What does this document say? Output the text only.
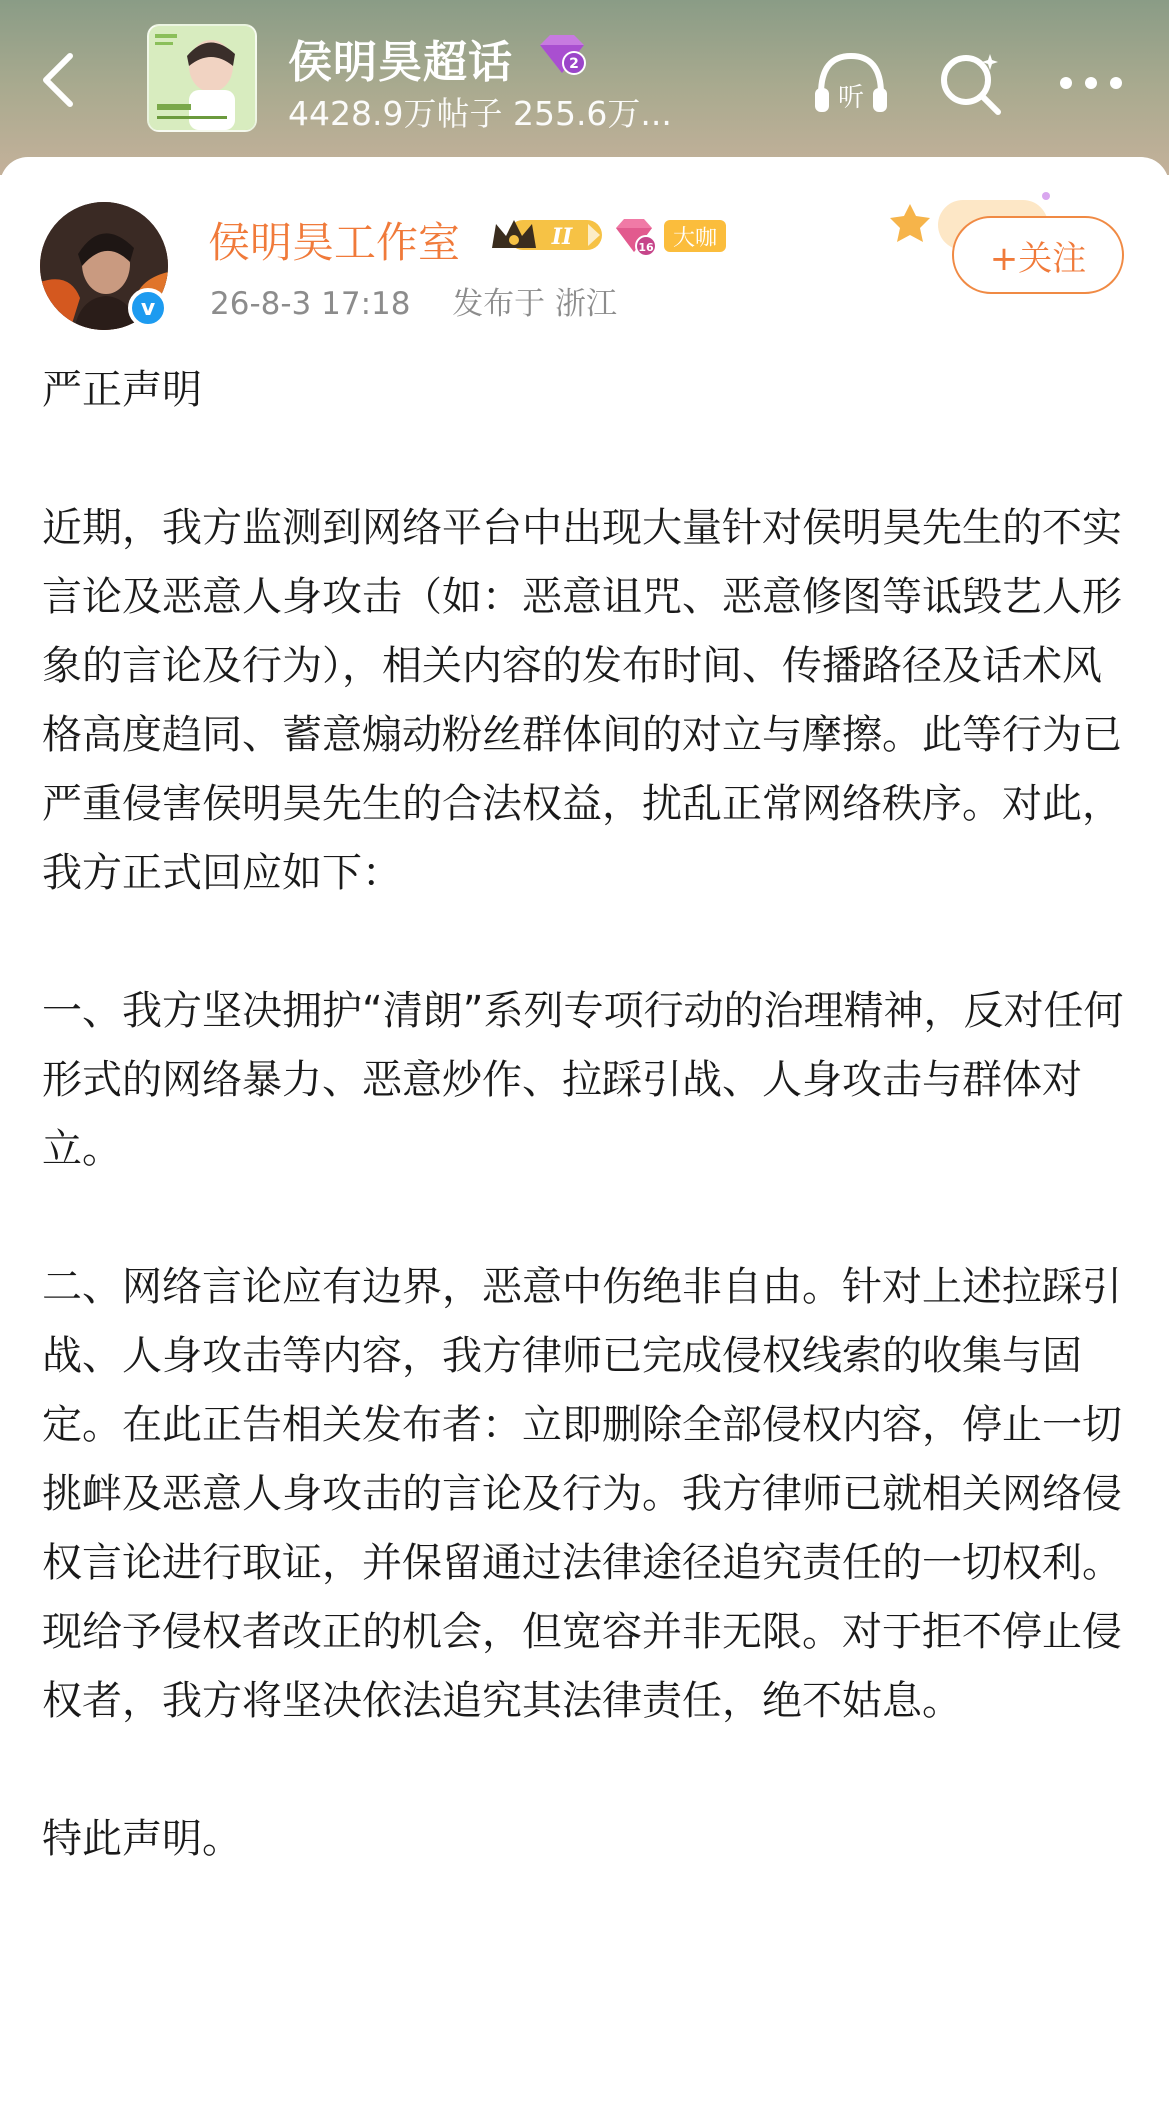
侯明昊超话	2
4428.9万帖子 255.6万...	听
v
侯明昊工作室	II	16 大咖
26-8-3 17:18 发布于 浙江
+关注

严正声明

近期，我方监测到网络平台中出现大量针对侯明昊先生的不实言论及恶意人身攻击（如：恶意诅咒、恶意修图等诋毁艺人形象的言论及行为），相关内容的发布时间、传播路径及话术风格高度趋同、蓄意煽动粉丝群体间的对立与摩擦。此等行为已严重侵害侯明昊先生的合法权益，扰乱正常网络秩序。对此，我方正式回应如下：

一、我方坚决拥护“清朗”系列专项行动的治理精神，反对任何形式的网络暴力、恶意炒作、拉踩引战、人身攻击与群体对立。

二、网络言论应有边界，恶意中伤绝非自由。针对上述拉踩引战、人身攻击等内容，我方律师已完成侵权线索的收集与固定。在此正告相关发布者：立即删除全部侵权内容，停止一切挑衅及恶意人身攻击的言论及行为。我方律师已就相关网络侵权言论进行取证，并保留通过法律途径追究责任的一切权利。现给予侵权者改正的机会，但宽容并非无限。对于拒不停止侵权者，我方将坚决依法追究其法律责任，绝不姑息。

特此声明。
